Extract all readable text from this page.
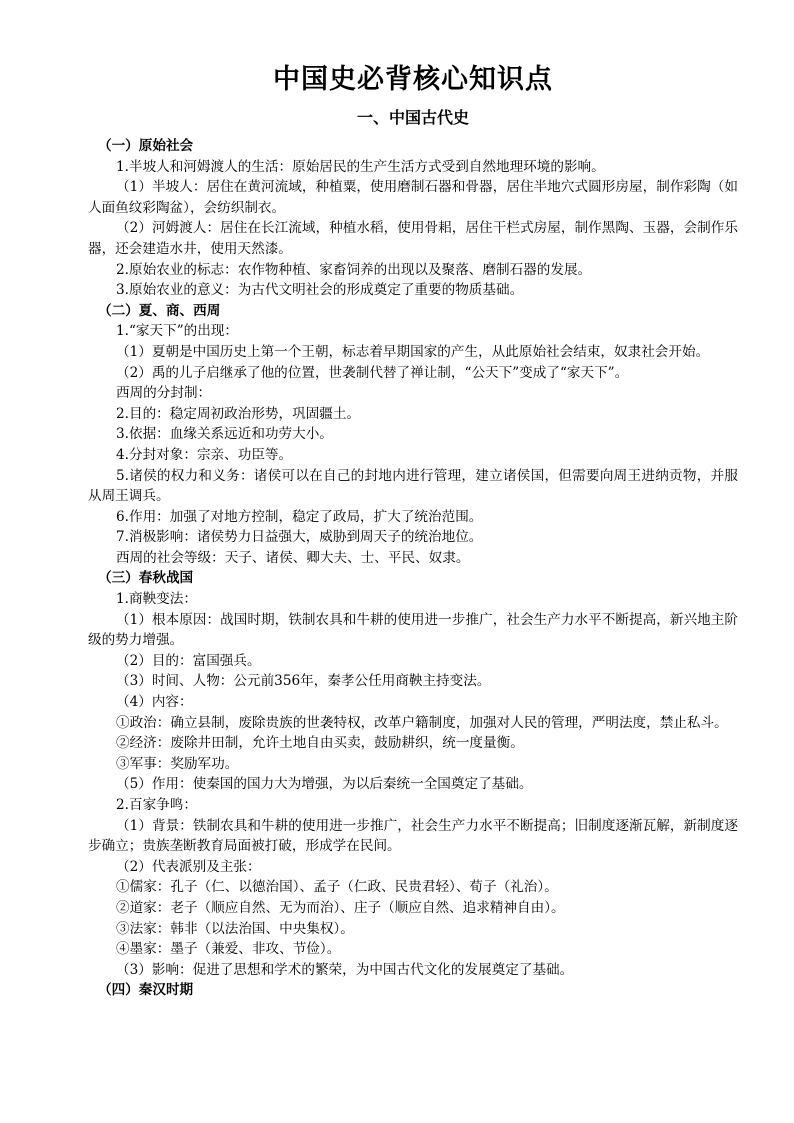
中国史必背核心知识点
一、中国古代史
（一）原始社会

1.半坡人和河姆渡人的生活：原始居民的生产生活方式受到自然地理环境的影响。

（1）半坡人：居住在黄河流域，种植粟，使用磨制石器和骨器，居住半地穴式圆形房屋，制作彩陶（如人面鱼纹彩陶盆），会纺织制衣。

（2）河姆渡人：居住在长江流域，种植水稻，使用骨耜，居住干栏式房屋，制作黑陶、玉器，会制作乐器，还会建造水井，使用天然漆。

2.原始农业的标志：农作物种植、家畜饲养的出现以及聚落、磨制石器的发展。

3.原始农业的意义：为古代文明社会的形成奠定了重要的物质基础。

（二）夏、商、西周

1.“家天下”的出现：

（1）夏朝是中国历史上第一个王朝，标志着早期国家的产生，从此原始社会结束，奴隶社会开始。

（2）禹的儿子启继承了他的位置，世袭制代替了禅让制，“公天下”变成了“家天下”。

西周的分封制：

2.目的：稳定周初政治形势，巩固疆土。

3.依据：血缘关系远近和功劳大小。

4.分封对象：宗亲、功臣等。

5.诸侯的权力和义务：诸侯可以在自己的封地内进行管理，建立诸侯国，但需要向周王进纳贡物，并服从周王调兵。

6.作用：加强了对地方控制，稳定了政局，扩大了统治范围。

7.消极影响：诸侯势力日益强大，威胁到周天子的统治地位。

西周的社会等级：天子、诸侯、卿大夫、士、平民、奴隶。

（三）春秋战国

1.商鞅变法：

（1）根本原因：战国时期，铁制农具和牛耕的使用进一步推广，社会生产力水平不断提高，新兴地主阶级的势力增强。

（2）目的：富国强兵。

（3）时间、人物：公元前356年，秦孝公任用商鞅主持变法。

（4）内容：

①政治：确立县制，废除贵族的世袭特权，改革户籍制度，加强对人民的管理，严明法度，禁止私斗。

②经济：废除井田制，允许土地自由买卖，鼓励耕织，统一度量衡。

③军事：奖励军功。

（5）作用：使秦国的国力大为增强，为以后秦统一全国奠定了基础。

2.百家争鸣：

（1）背景：铁制农具和牛耕的使用进一步推广，社会生产力水平不断提高；旧制度逐渐瓦解，新制度逐步确立；贵族垄断教育局面被打破，形成学在民间。

（2）代表派别及主张：

①儒家：孔子（仁、以德治国）、孟子（仁政、民贵君轻）、荀子（礼治）。

②道家：老子（顺应自然、无为而治）、庄子（顺应自然、追求精神自由）。

③法家：韩非（以法治国、中央集权）。

④墨家：墨子（兼爱、非攻、节俭）。

（3）影响：促进了思想和学术的繁荣，为中国古代文化的发展奠定了基础。

（四）秦汉时期
